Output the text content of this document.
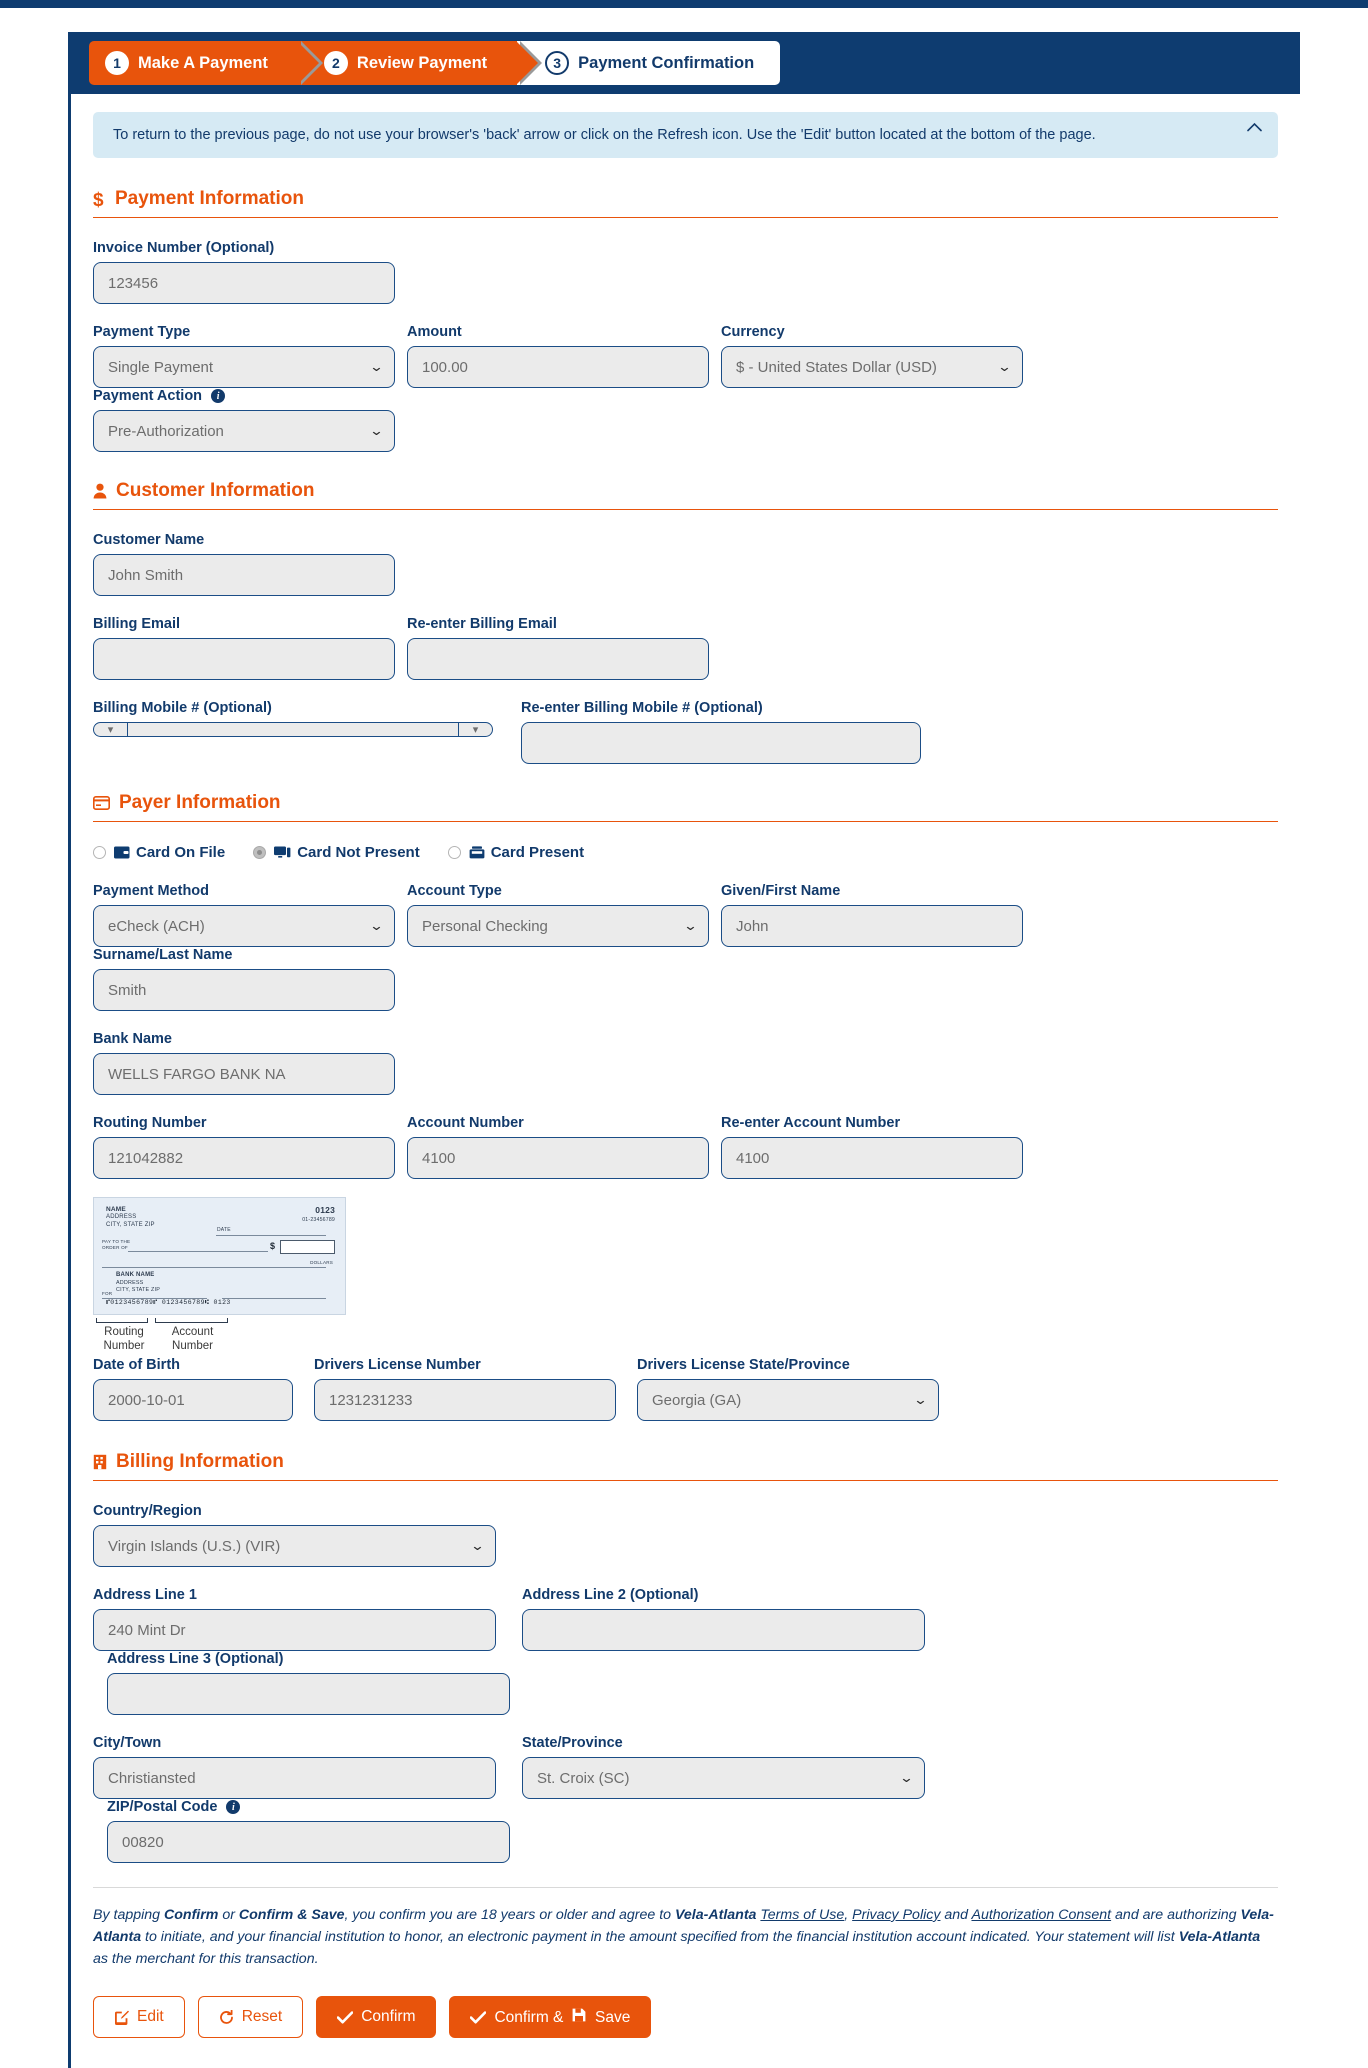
1	Make A Payment	2	Review Payment	3	Payment Confirmation
To return to the previous page, do not use your browser's 'back' arrow or click on the Refresh icon. Use the 'Edit' button located at the bottom of the page.
$ Payment Information
Invoice Number (Optional)
123456
Payment Type
Single Payment	⌄
Amount
100.00
Currency
$ - United States Dollar (USD)	⌄
Payment Action i
Pre-Authorization	⌄
Customer Information
Customer Name
John Smith
Billing Email	Re-enter Billing Email
Billing Mobile # (Optional)
▾	▾
Re-enter Billing Mobile # (Optional)
Payer Information
Card On File	Card Not Present	Card Present
Payment Method
eCheck (ACH)	⌄
Account Type
Personal Checking	⌄
Given/First Name
John
Surname/Last Name
Smith
Bank Name
WELLS FARGO BANK NA
Routing Number
121042882
Account Number
4100
Re-enter Account Number
4100
NAME
ADDRESS
CITY, STATE ZIP
0123
01-23456789
DATE
PAY TO THE
ORDER OF	$
DOLLARS
BANK NAME
ADDRESS
CITY, STATE ZIP
FOR
⑈0123456789⑈ 0123456789⑆ 0123
Routing Number
Account Number
Date of Birth
2000-10-01
Drivers License Number
1231231233
Drivers License State/Province
Georgia (GA)	⌄
Billing Information
Country/Region
Virgin Islands (U.S.) (VIR)	⌄
Address Line 1
240 Mint Dr
Address Line 2 (Optional)
Address Line 3 (Optional)
City/Town
Christiansted
State/Province
St. Croix (SC)	⌄
ZIP/Postal Code i
00820
By tapping Confirm or Confirm & Save, you confirm you are 18 years or older and agree to Vela-Atlanta Terms of Use, Privacy Policy and Authorization Consent and are authorizing Vela-Atlanta to initiate, and your financial institution to honor, an electronic payment in the amount specified from the financial institution account indicated. Your statement will list Vela-Atlanta as the merchant for this transaction.
Edit	Reset	Confirm	Confirm & Save
